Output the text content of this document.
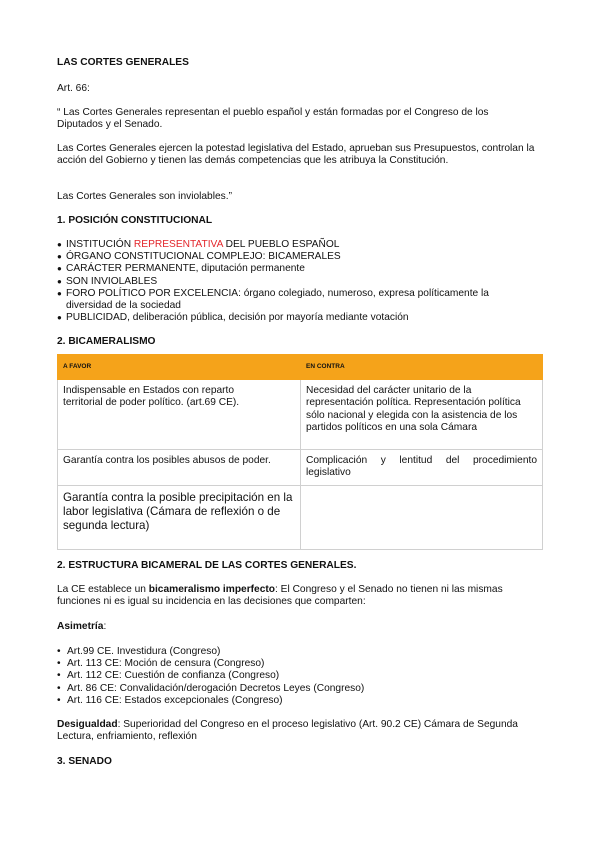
LAS CORTES GENERALES
Art. 66:
“ Las Cortes Generales representan el pueblo español y están formadas por el Congreso de los Diputados y el Senado.
Las Cortes Generales ejercen la potestad legislativa del Estado, aprueban sus Presupuestos, controlan la acción del Gobierno y tienen las demás competencias que les atribuya la Constitución.
Las Cortes Generales son inviolables.”
1. POSICIÓN CONSTITUCIONAL
● INSTITUCIÓN REPRESENTATIVA DEL PUEBLO ESPAÑOL
● ÓRGANO CONSTITUCIONAL COMPLEJO: BICAMERALES
● CARÁCTER PERMANENTE, diputación permanente
● SON INVIOLABLES
● FORO POLÍTICO POR EXCELENCIA: órgano colegiado, numeroso, expresa políticamente la
diversidad de la sociedad
● PUBLICIDAD, deliberación pública, decisión por mayoría mediante votación
2. BICAMERALISMO
A FAVOR	EN CONTRA

Indispensable en Estados con reparto territorial de poder político. (art.69 CE).	Necesidad del carácter unitario de la representación política. Representación política sólo nacional y elegida con la asistencia de los partidos políticos en una sola Cámara
Garantía contra los posibles abusos de poder.	Complicación y lentitud del procedimiento legislativo

Garantía contra la posible precipitación en la labor legislativa (Cámara de reflexión o de segunda lectura)	
2. ESTRUCTURA BICAMERAL DE LAS CORTES GENERALES.
La CE establece un bicameralismo imperfecto: El Congreso y el Senado no tienen ni las mismas funciones ni es igual su incidencia en las decisiones que comparten:
Asimetría:
• Art.99 CE. Investidura (Congreso)
• Art. 113 CE: Moción de censura (Congreso)
• Art. 112 CE: Cuestión de confianza (Congreso)
• Art. 86 CE: Convalidación/derogación Decretos Leyes (Congreso)
• Art. 116 CE: Estados excepcionales (Congreso)
Desigualdad: Superioridad del Congreso en el proceso legislativo (Art. 90.2 CE) Cámara de Segunda Lectura, enfriamiento, reflexión
3. SENADO
